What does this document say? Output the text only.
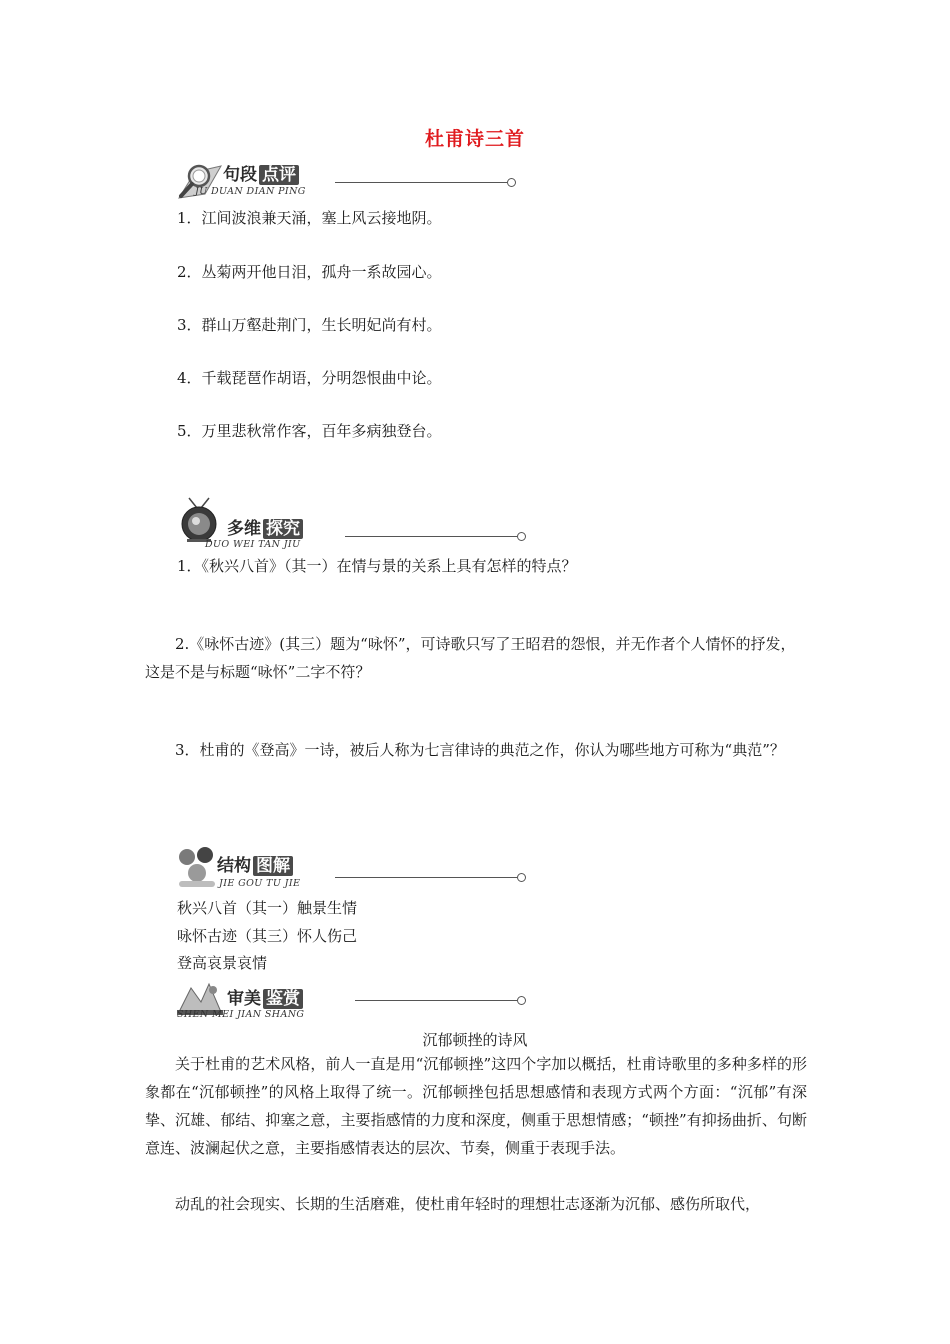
杜甫诗三首
句段 点评
JU DUAN DIAN PING
1．江间波浪兼天涌，塞上风云接地阴。
2．丛菊两开他日泪，孤舟一系故园心。
3．群山万壑赴荆门，生长明妃尚有村。
4．千载琵琶作胡语，分明怨恨曲中论。
5．万里悲秋常作客，百年多病独登台。
多维 探究
DUO WEI TAN JIU
1．《秋兴八首》（其一）在情与景的关系上具有怎样的特点？
2.《咏怀古迹》(其三）题为“咏怀”，可诗歌只写了王昭君的怨恨，并无作者个人情怀的抒发，这是不是与标题“咏怀”二字不符？
3．杜甫的《登高》一诗，被后人称为七言律诗的典范之作，你认为哪些地方可称为“典范”？
结构 图解
JIE GOU TU JIE
秋兴八首（其一）触景生情
咏怀古迹（其三）怀人伤己
登高哀景哀情
审美 鉴赏
SHEN MEI JIAN SHANG
沉郁顿挫的诗风
关于杜甫的艺术风格，前人一直是用“沉郁顿挫”这四个字加以概括，杜甫诗歌里的多种多样的形象都在“沉郁顿挫”的风格上取得了统一。沉郁顿挫包括思想感情和表现方式两个方面：“沉郁”有深挚、沉雄、郁结、抑塞之意，主要指感情的力度和深度，侧重于思想情感；“顿挫”有抑扬曲折、句断意连、波澜起伏之意，主要指感情表达的层次、节奏，侧重于表现手法。
动乱的社会现实、长期的生活磨难，使杜甫年轻时的理想壮志逐渐为沉郁、感伤所取代，
